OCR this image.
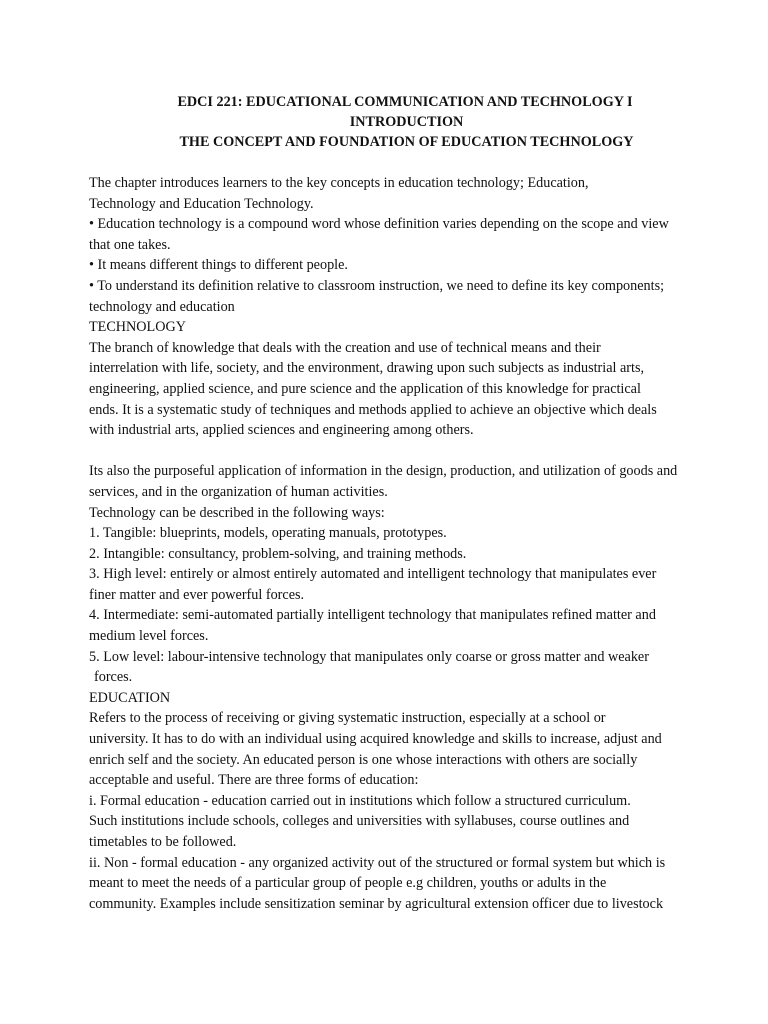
EDCI 221: EDUCATIONAL COMMUNICATION AND TECHNOLOGY I

INTRODUCTION

THE CONCEPT AND FOUNDATION OF EDUCATION TECHNOLOGY

The chapter introduces learners to the key concepts in education technology; Education,
Technology and Education Technology.
• Education technology is a compound word whose definition varies depending on the scope and view
that one takes.
• It means different things to different people.
• To understand its definition relative to classroom instruction, we need to define its key components;
technology and education
TECHNOLOGY
The branch of knowledge that deals with the creation and use of technical means and their
interrelation with life, society, and the environment, drawing upon such subjects as industrial arts,
engineering, applied science, and pure science and the application of this knowledge for practical
ends. It is a systematic study of techniques and methods applied to achieve an objective which deals
with industrial arts, applied sciences and engineering among others.
Its also the purposeful application of information in the design, production, and utilization of goods and
services, and in the organization of human activities.
Technology can be described in the following ways:
1. Tangible: blueprints, models, operating manuals, prototypes.
2. Intangible: consultancy, problem-solving, and training methods.
3. High level: entirely or almost entirely automated and intelligent technology that manipulates ever
finer matter and ever powerful forces.
4. Intermediate: semi-automated partially intelligent technology that manipulates refined matter and
medium level forces.
5. Low level: labour-intensive technology that manipulates only coarse or gross matter and weaker
forces.
EDUCATION
Refers to the process of receiving or giving systematic instruction, especially at a school or
university. It has to do with an individual using acquired knowledge and skills to increase, adjust and
enrich self and the society. An educated person is one whose interactions with others are socially
acceptable and useful. There are three forms of education:
i. Formal education - education carried out in institutions which follow a structured curriculum.
Such institutions include schools, colleges and universities with syllabuses, course outlines and
timetables to be followed.
ii. Non - formal education - any organized activity out of the structured or formal system but which is
meant to meet the needs of a particular group of people e.g children, youths or adults in the
community. Examples include sensitization seminar by agricultural extension officer due to livestock
